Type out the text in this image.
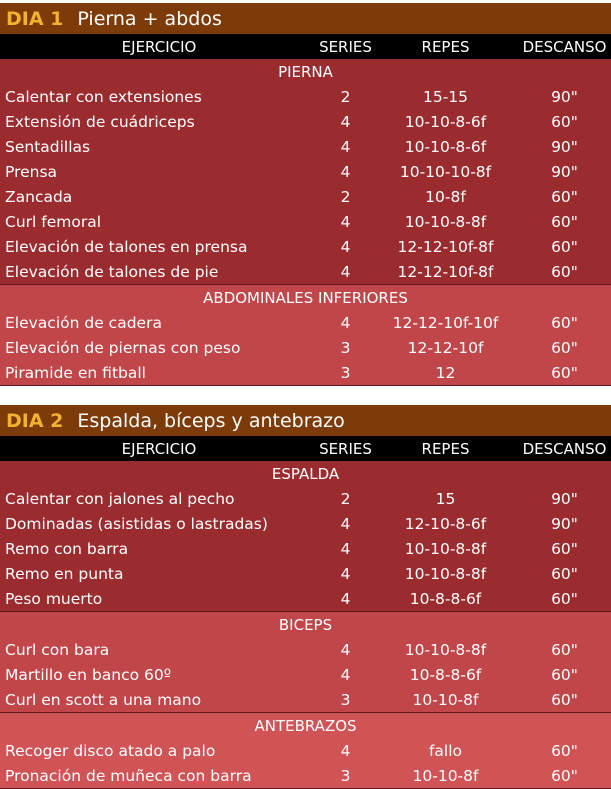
DIA 1 Pierna + abdos
EJERCICIO	SERIES	REPES	DESCANSO
PIERNA
Calentar con extensiones	2	15-15	90"
Extensión de cuádriceps	4	10-10-8-6f	60"
Sentadillas	4	10-10-8-6f	90"
Prensa	4	10-10-10-8f	90"
Zancada	2	10-8f	60"
Curl femoral	4	10-10-8-8f	60"
Elevación de talones en prensa	4	12-12-10f-8f	60"
Elevación de talones de pie	4	12-12-10f-8f	60"
ABDOMINALES INFERIORES
Elevación de cadera	4	12-12-10f-10f	60"
Elevación de piernas con peso	3	12-12-10f	60"
Piramide en fitball	3	12	60"
DIA 2 Espalda, bíceps y antebrazo
EJERCICIO	SERIES	REPES	DESCANSO
ESPALDA
Calentar con jalones al pecho	2	15	90"
Dominadas (asistidas o lastradas)	4	12-10-8-6f	90"
Remo con barra	4	10-10-8-8f	60"
Remo en punta	4	10-10-8-8f	60"
Peso muerto	4	10-8-8-6f	60"
BICEPS
Curl con bara	4	10-10-8-8f	60"
Martillo en banco 60º	4	10-8-8-6f	60"
Curl en scott a una mano	3	10-10-8f	60"
ANTEBRAZOS
Recoger disco atado a palo	4	fallo	60"
Pronación de muñeca con barra	3	10-10-8f	60"
